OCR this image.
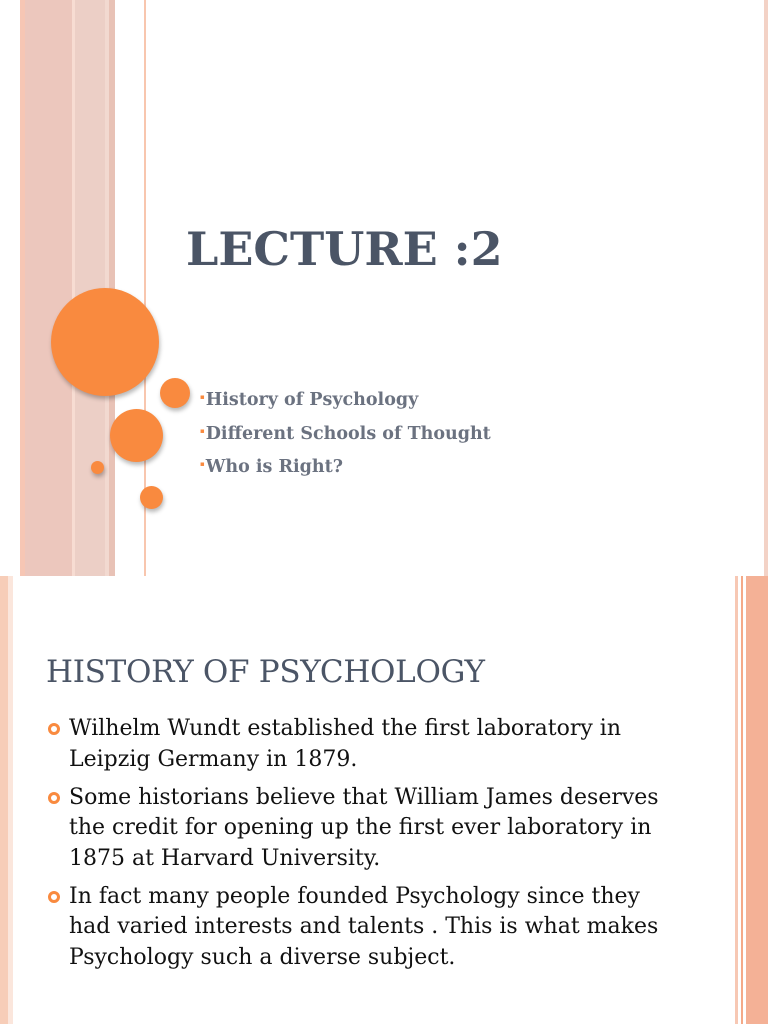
LECTURE :2
▪History of Psychology
▪Different Schools of Thought
▪Who is Right?
HISTORY OF PSYCHOLOGY
Wilhelm Wundt established the first laboratory in Leipzig Germany in 1879.
Some historians believe that William James deserves the credit for opening up the first ever laboratory in 1875 at Harvard University.
In fact many people founded Psychology since they had varied interests and talents . This is what makes Psychology such a diverse subject.
